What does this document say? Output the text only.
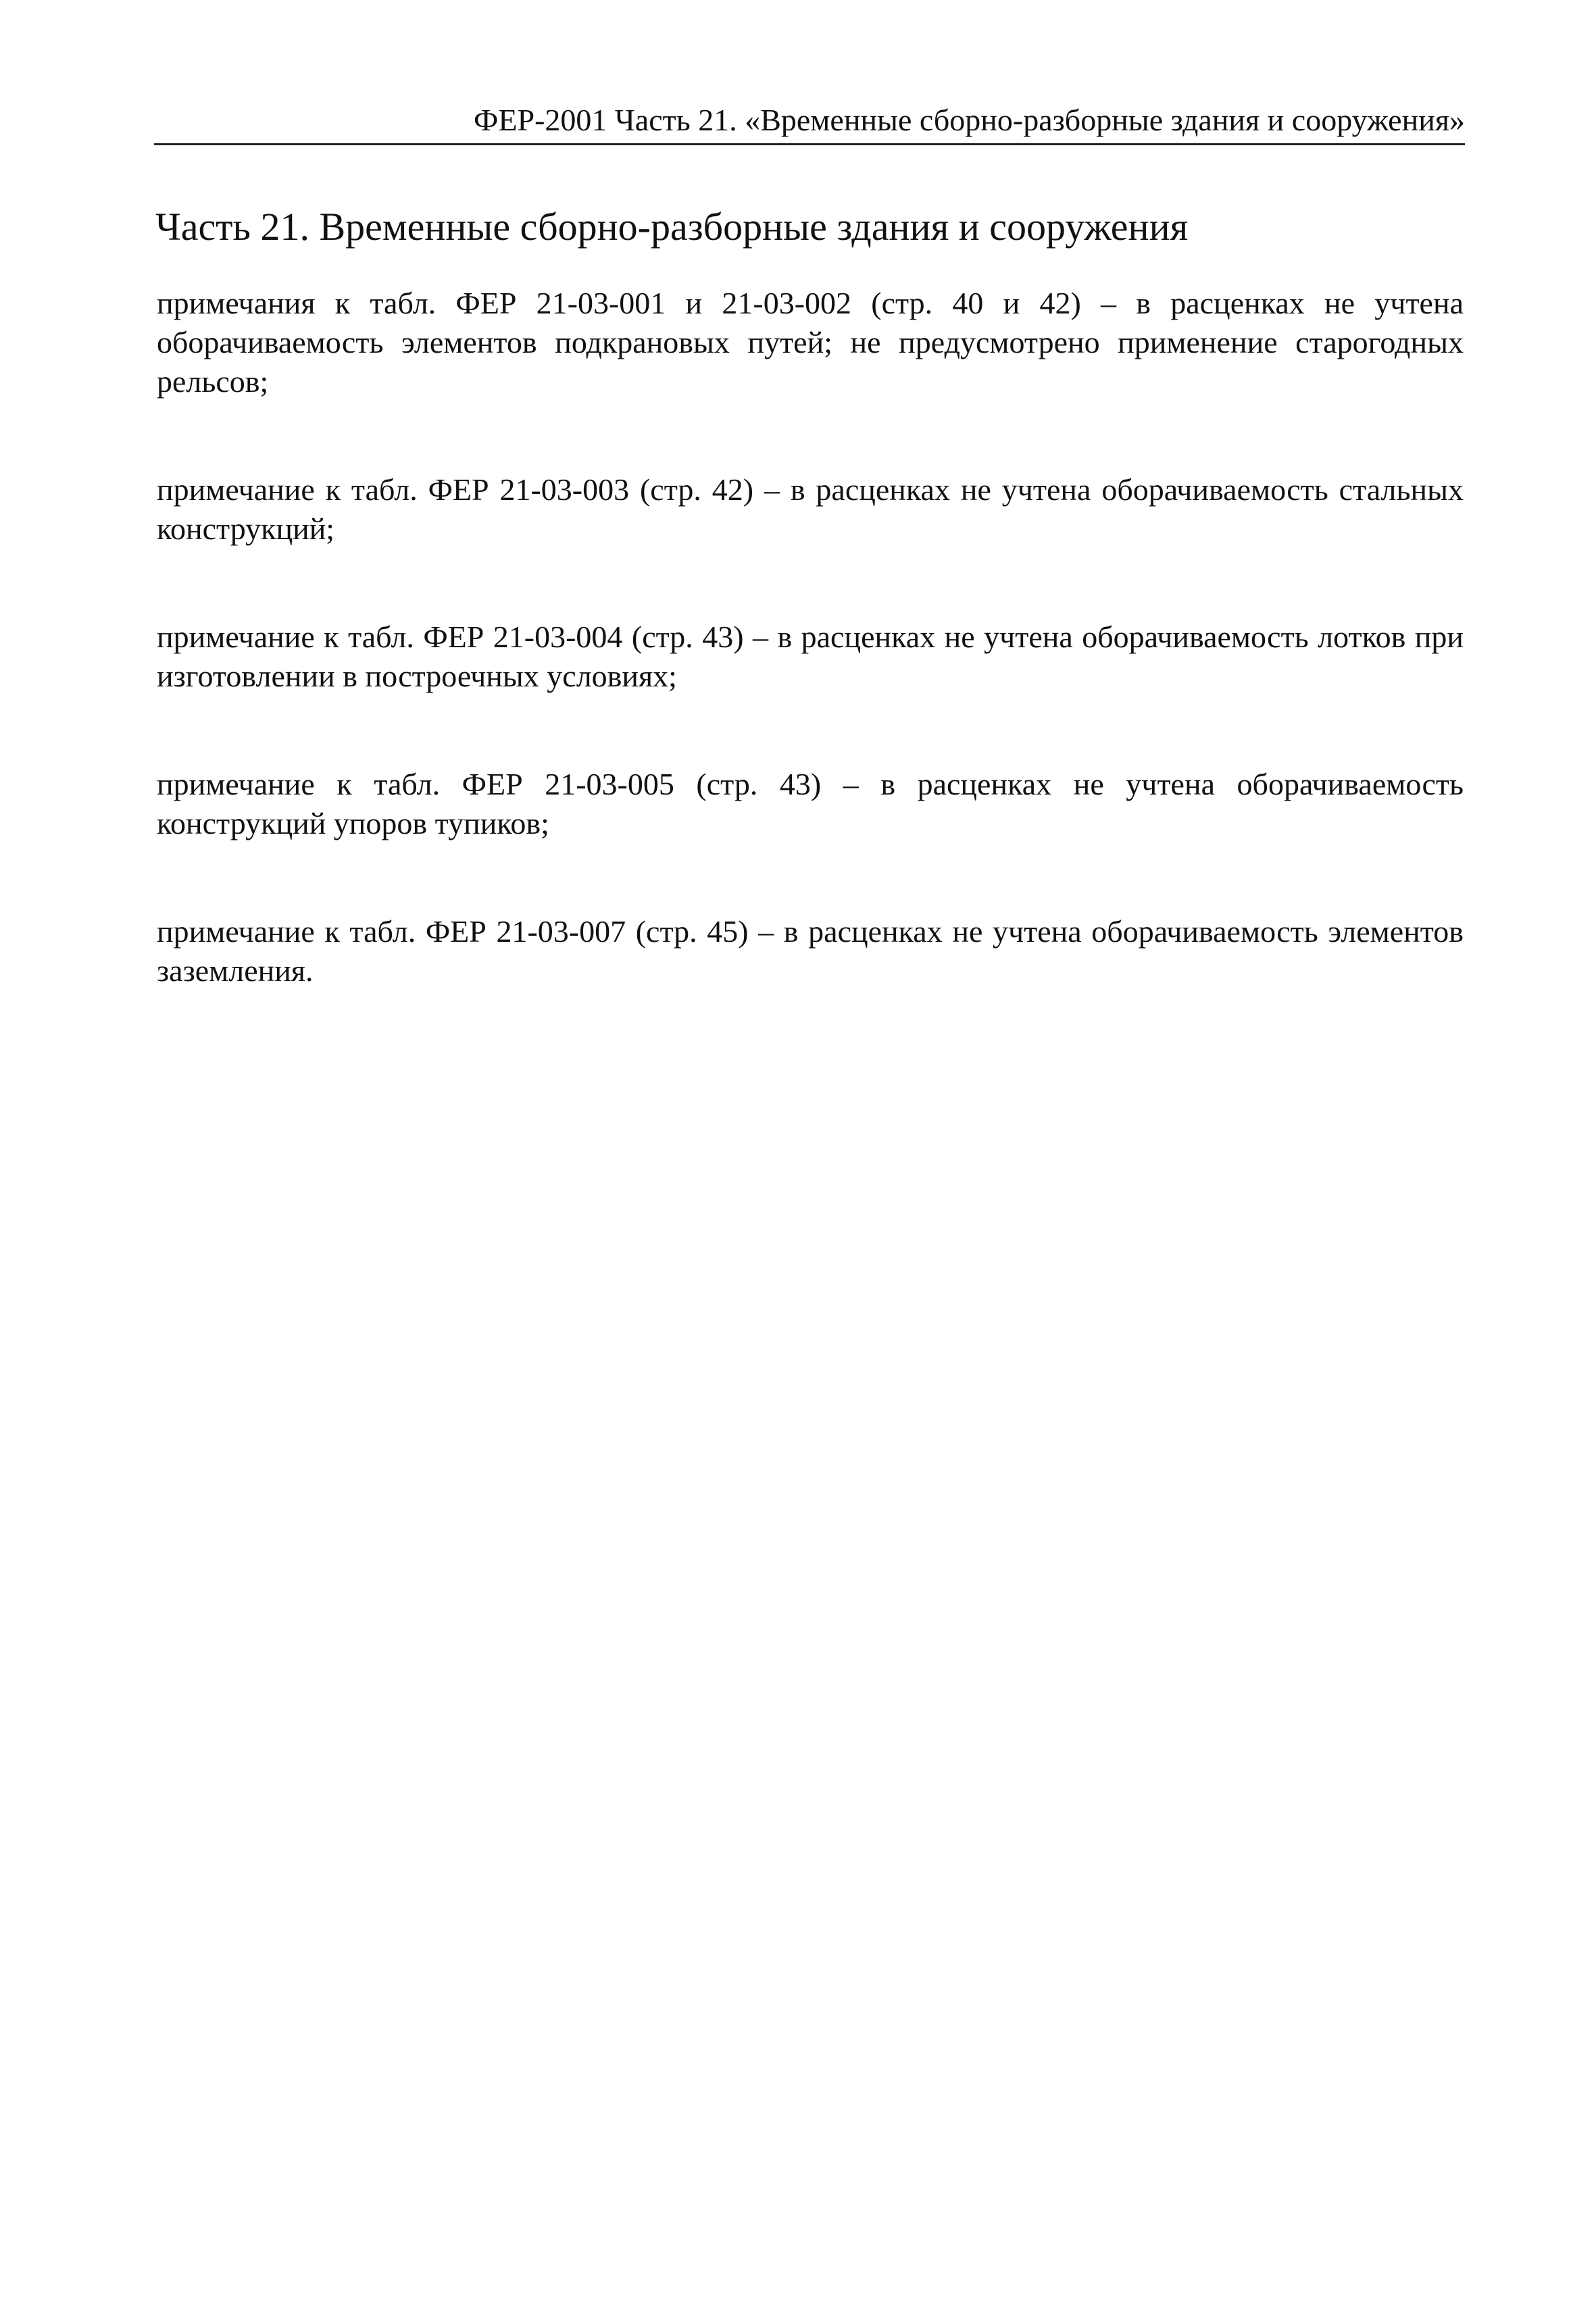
ФЕР-2001 Часть 21. «Временные сборно-разборные здания и сооружения»
Часть 21. Временные сборно-разборные здания и сооружения

примечания к табл. ФЕР 21-03-001 и 21-03-002 (стр. 40 и 42) – в расценках не учтена оборачиваемость элементов подкрановых путей; не предусмотрено применение старогодных рельсов;

примечание к табл. ФЕР 21-03-003 (стр. 42) – в расценках не учтена оборачиваемость стальных конструкций;

примечание к табл. ФЕР 21-03-004 (стр. 43) – в расценках не учтена оборачиваемость лотков при изготовлении в построечных условиях;

примечание к табл. ФЕР 21-03-005 (стр. 43) – в расценках не учтена оборачиваемость конструкций упоров тупиков;

примечание к табл. ФЕР 21-03-007 (стр. 45) – в расценках не учтена оборачиваемость элементов заземления.
